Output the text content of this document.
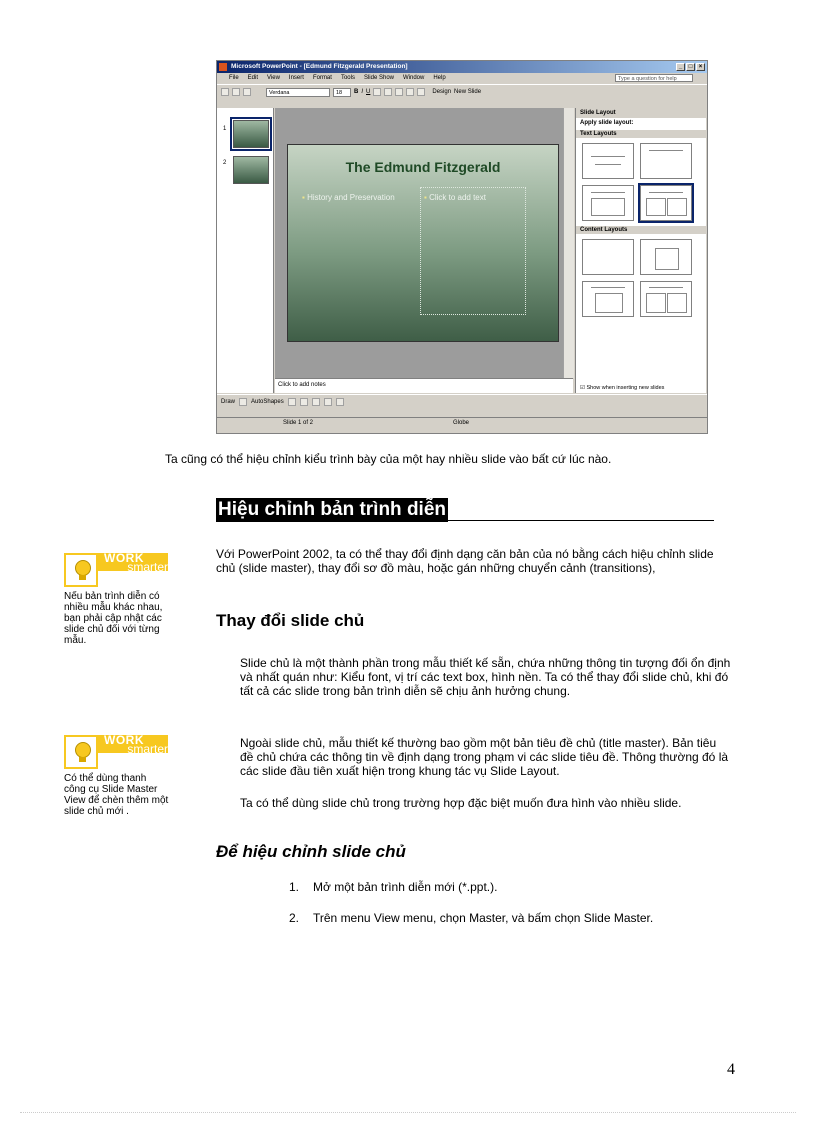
Microsoft PowerPoint - [Edmund Fitzgerald Presentation]	_	□	×
File Edit View Insert Format Tools Slide Show Window Help	Type a question for help
Verdana	18	B I U	Design New Slide
1
2	The Edmund Fitzgerald
▪ History and Preservation
▪	Click to add text
Click to add notes
Slide Layout
Apply slide layout:
Text Layouts
Content Layouts
☑ Show when inserting new slides
Draw	AutoShapes
Slide 1 of 2	Globe
Ta cũng có thể hiệu chỉnh kiểu trình bày của một hay nhiều slide vào bất cứ lúc nào.
Hiệu chỉnh bản trình diễn
Với PowerPoint 2002, ta có thể thay đổi định dạng căn bản của nó bằng cách hiệu chỉnh slide chủ (slide master), thay đổi sơ đồ màu, hoặc gán những chuyển cảnh (transitions),
Thay đổi slide chủ
Slide chủ là một thành phần trong mẫu thiết kế sẵn, chứa những thông tin tượng đối ổn định và nhất quán như: Kiểu font, vị trí các text box, hình nền. Ta có thể thay đổi slide chủ, khi đó tất cả các slide trong bản trình diễn sẽ chịu ảnh hưởng chung.
Ngoài slide chủ, mẫu thiết kế thường bao gồm một bản tiêu đề chủ (title master). Bản tiêu đề chủ chứa các thông tin về định dạng trong phạm vi các slide tiêu đề. Thông thường đó là các slide đầu tiên xuất hiện trong khung tác vụ Slide Layout.
Ta có thể dùng slide chủ trong trường hợp đặc biệt muốn đưa hình vào nhiều slide.
Để hiệu chỉnh slide chủ
1. Mở một bản trình diễn mới (*.ppt.).
2. Trên menu View menu, chọn Master, và bấm chọn Slide Master.
WORK
smarter
Nếu bản trình diễn có nhiều mẫu khác nhau, bạn phải cập nhật các slide chủ đối với từng mẫu.
WORK
smarter
Có thể dùng thanh công cụ Slide Master View để chèn thêm một slide chủ mới .
4
